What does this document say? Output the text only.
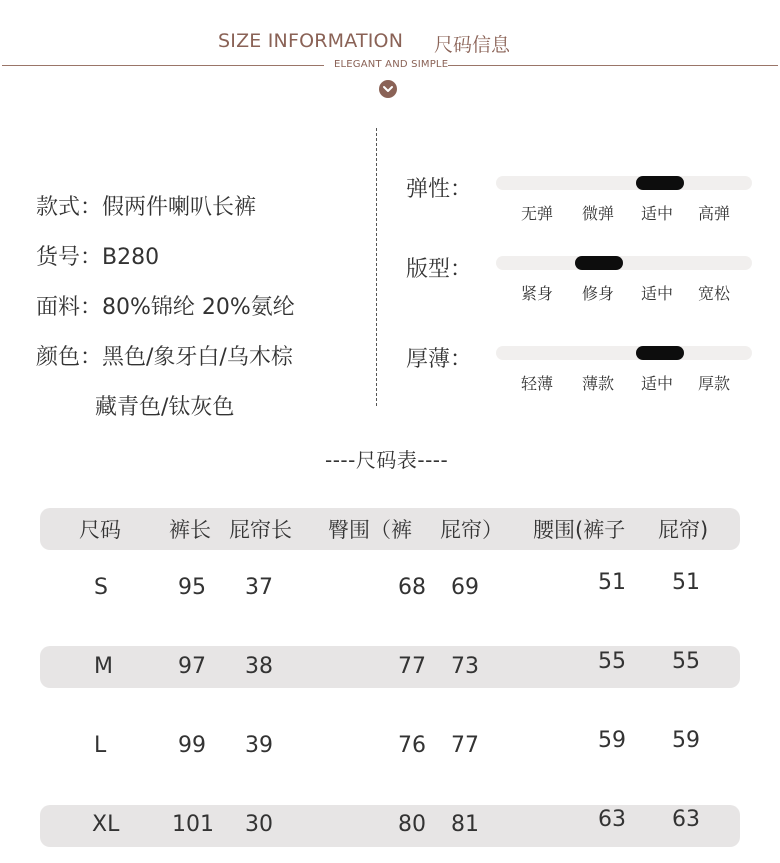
SIZE INFORMATION 尺码信息
ELEGANT AND SIMPLE
款式：假两件喇叭长裤
货号：B280
面料：80%锦纶 20%氨纶
颜色：黑色/象牙白/乌木棕
藏青色/钛灰色
弹性：
无弹 微弹 适中 高弹
版型：
紧身 修身 适中 宽松
厚薄：
轻薄 薄款 适中 厚款
----尺码表----
尺码 裤长 屁帘长 臀围（裤 屁帘） 腰围(裤子 屁帘)
S	95 37	68 69	51 51
M	97 38	77 73	55 55
L	99 39	76 77	59 59
XL 101 30	80 81	63 63
